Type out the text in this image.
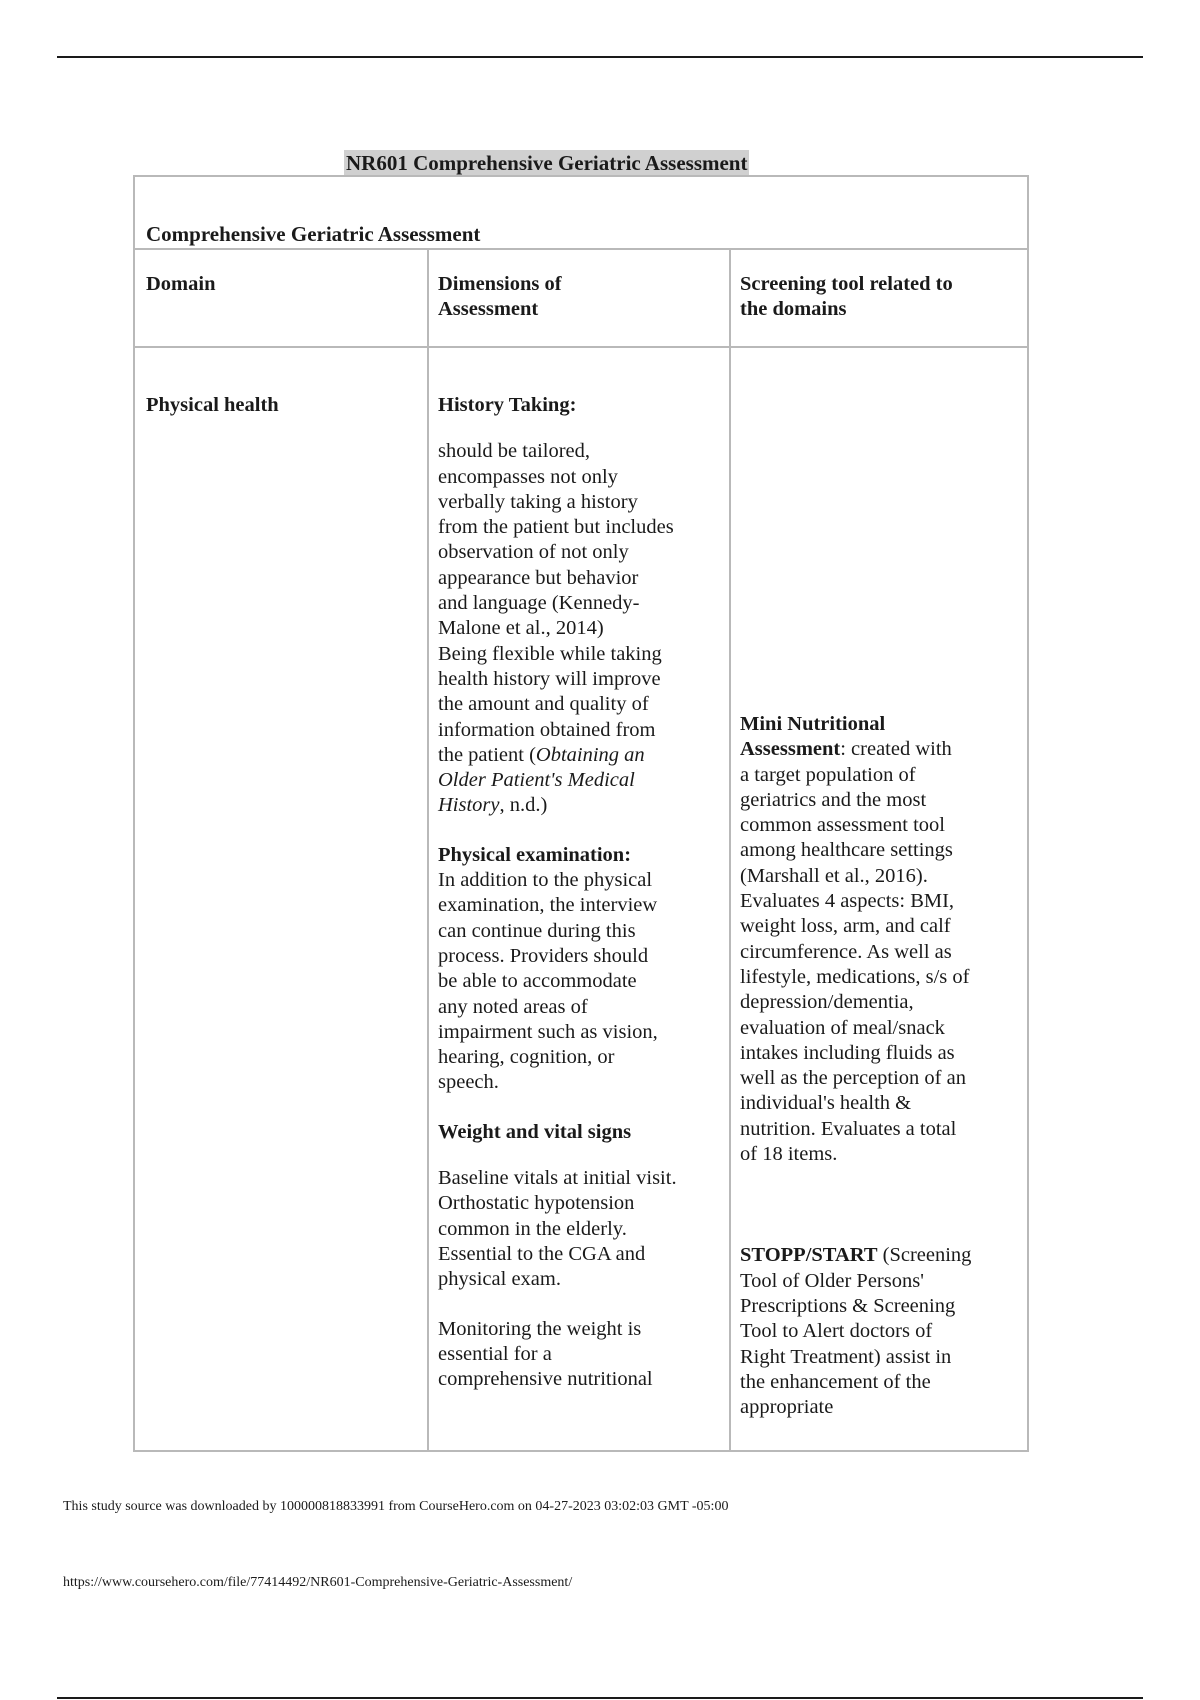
NR601 Comprehensive Geriatric Assessment
Comprehensive Geriatric Assessment
Domain	Dimensions of
Assessment
Screening tool related to
the domains
Physical health	History Taking:
should be tailored,
encompasses not only
verbally taking a history
from the patient but includes
observation of not only
appearance but behavior
and language (Kennedy-
Malone et al., 2014)
Being flexible while taking
health history will improve
the amount and quality of
information obtained from
the patient (Obtaining an
Older Patient's Medical
History, n.d.)
Physical examination:
In addition to the physical
examination, the interview
can continue during this
process. Providers should
be able to accommodate
any noted areas of
impairment such as vision,
hearing, cognition, or
speech.
Weight and vital signs
Baseline vitals at initial visit.
Orthostatic hypotension
common in the elderly.
Essential to the CGA and
physical exam.
Monitoring the weight is
essential for a
comprehensive nutritional
Mini Nutritional
Assessment: created with
a target population of
geriatrics and the most
common assessment tool
among healthcare settings
(Marshall et al., 2016).
Evaluates 4 aspects: BMI,
weight loss, arm, and calf
circumference. As well as
lifestyle, medications, s/s of
depression/dementia,
evaluation of meal/snack
intakes including fluids as
well as the perception of an
individual's health &
nutrition. Evaluates a total
of 18 items.
STOPP/START (Screening
Tool of Older Persons'
Prescriptions & Screening
Tool to Alert doctors of
Right Treatment) assist in
the enhancement of the
appropriate
This study source was downloaded by 100000818833991 from CourseHero.com on 04-27-2023 03:02:03 GMT -05:00
https://www.coursehero.com/file/77414492/NR601-Comprehensive-Geriatric-Assessment/
